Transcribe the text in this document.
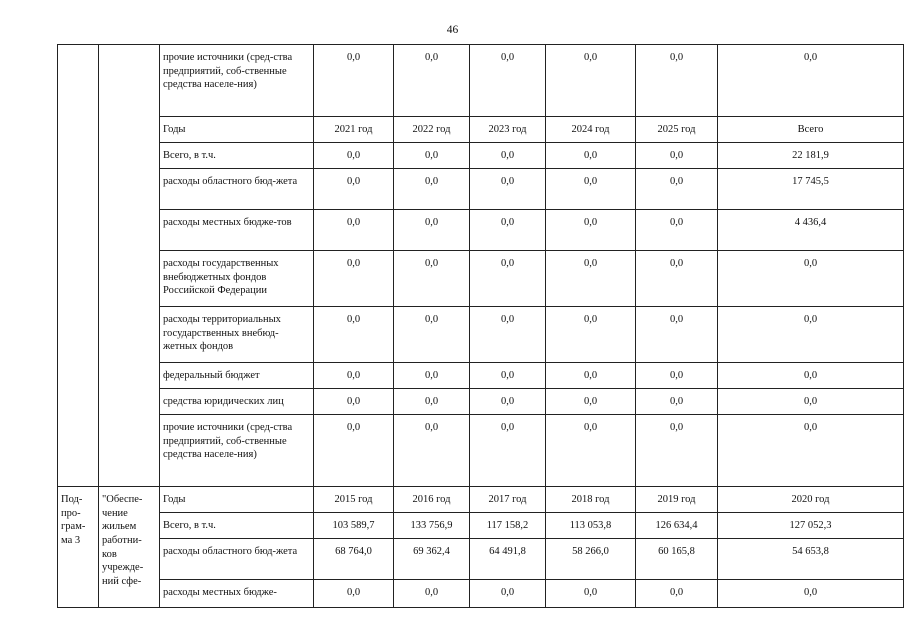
46
		прочие источники (сред-ства предприятий, соб-ственные средства населе-ния)	0,0	0,0	0,0	0,0	0,0	0,0
		Годы	2021 год	2022 год	2023 год	2024 год	2025 год	Всего
		Всего, в т.ч.	0,0	0,0	0,0	0,0	0,0	22 181,9
		расходы областного бюд-жета	0,0	0,0	0,0	0,0	0,0	17 745,5
		расходы местных бюдже-тов	0,0	0,0	0,0	0,0	0,0	4 436,4
		расходы государственных внебюджетных фондов Российской Федерации	0,0	0,0	0,0	0,0	0,0	0,0
		расходы территориальных государственных внебюд-жетных фондов	0,0	0,0	0,0	0,0	0,0	0,0
		федеральный бюджет	0,0	0,0	0,0	0,0	0,0	0,0
		средства юридических лиц	0,0	0,0	0,0	0,0	0,0	0,0
		прочие источники (сред-ства предприятий, соб-ственные средства населе-ния)	0,0	0,0	0,0	0,0	0,0	0,0
Под-про-грам-ма 3	"Обеспе-чение жильем работни-ков учрежде-ний сфе-	Годы	2015 год	2016 год	2017 год	2018 год	2019 год	2020 год
		Всего, в т.ч.	103 589,7	133 756,9	117 158,2	113 053,8	126 634,4	127 052,3
		расходы областного бюд-жета	68 764,0	69 362,4	64 491,8	58 266,0	60 165,8	54 653,8
		расходы местных бюдже-	0,0	0,0	0,0	0,0	0,0	0,0
